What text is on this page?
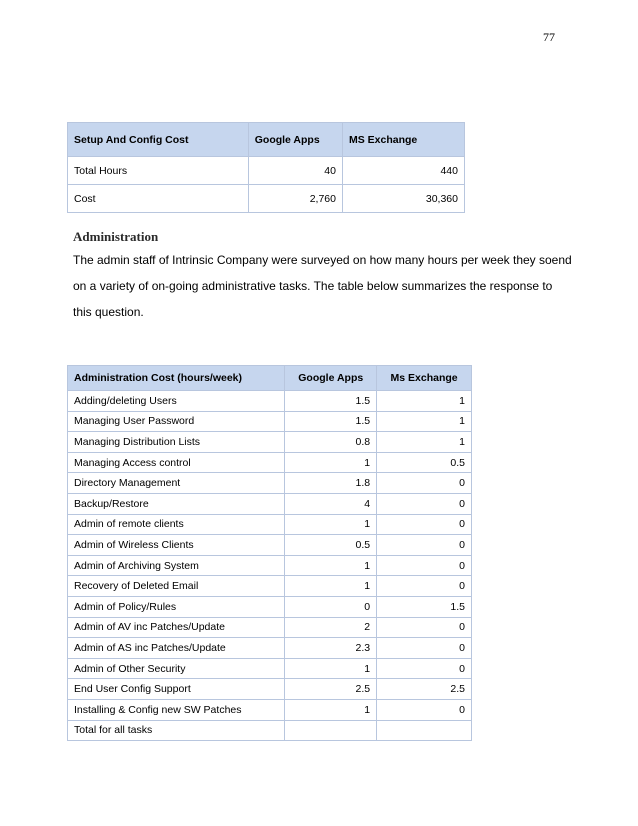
77
Setup And Config Cost	Google Apps	MS Exchange
Total Hours	40	440
Cost	2,760	30,360
Administration

The admin staff of Intrinsic Company were surveyed on how many hours per week they soend on a variety of on-going administrative tasks. The table below summarizes the response to this question.

Administration Cost (hours/week)	Google Apps	Ms Exchange
Adding/deleting Users	1.5	1
Managing User Password	1.5	1
Managing Distribution Lists	0.8	1
Managing Access control	1	0.5
Directory Management	1.8	0
Backup/Restore	4	0
Admin of remote clients	1	0
Admin of Wireless Clients	0.5	0
Admin of Archiving System	1	0
Recovery of Deleted Email	1	0
Admin of Policy/Rules	0	1.5
Admin of AV inc Patches/Update	2	0
Admin of AS inc Patches/Update	2.3	0
Admin of Other Security	1	0
End User Config Support	2.5	2.5
Installing & Config new SW Patches	1	0
Total for all tasks		
